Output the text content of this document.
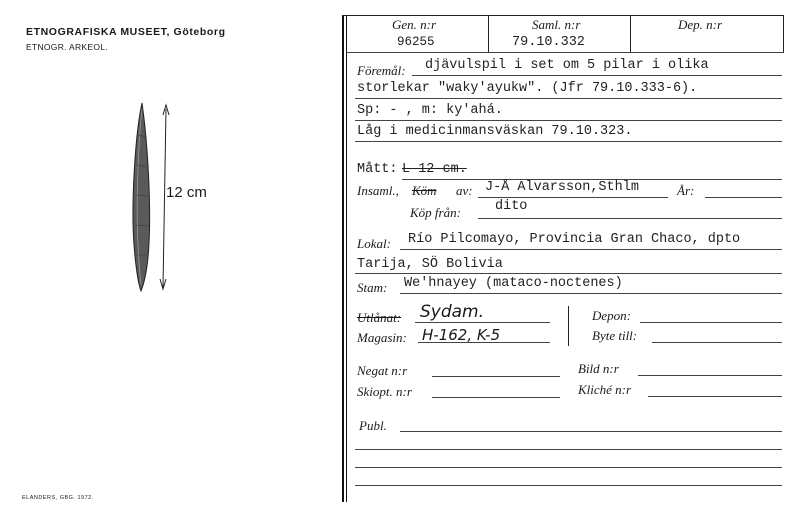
ETNOGRAFISKA MUSEET, Göteborg
ETNOGR. ARKEOL.
12 cm
ELANDERS, GBG. 1972.
Gen. n:r
96255
Saml. n:r
79.10.332
Dep. n:r
Föremål: djävulspil i set om 5 pilar i olika
storlekar "waky'ayukw". (Jfr 79.10.333-6).
Sp: - , m: ky'ahá.
Låg i medicinmansväskan 79.10.323.
Mått: L 12 cm.
Insaml., Köm av: J-Å Alvarsson,Sthlm	År:
Köp från:	dito
Lokal: Río Pilcomayo, Provincia Gran Chaco, dpto
Tarija, SÖ Bolivia
Stam: We'hnayey (mataco-noctenes)
Utlånat: Sydam.
Magasin: H-162, K-5
Depon:
Byte till:
Negat n:r	Bild n:r
Skiopt. n:r	Kliché n:r
Publ.
